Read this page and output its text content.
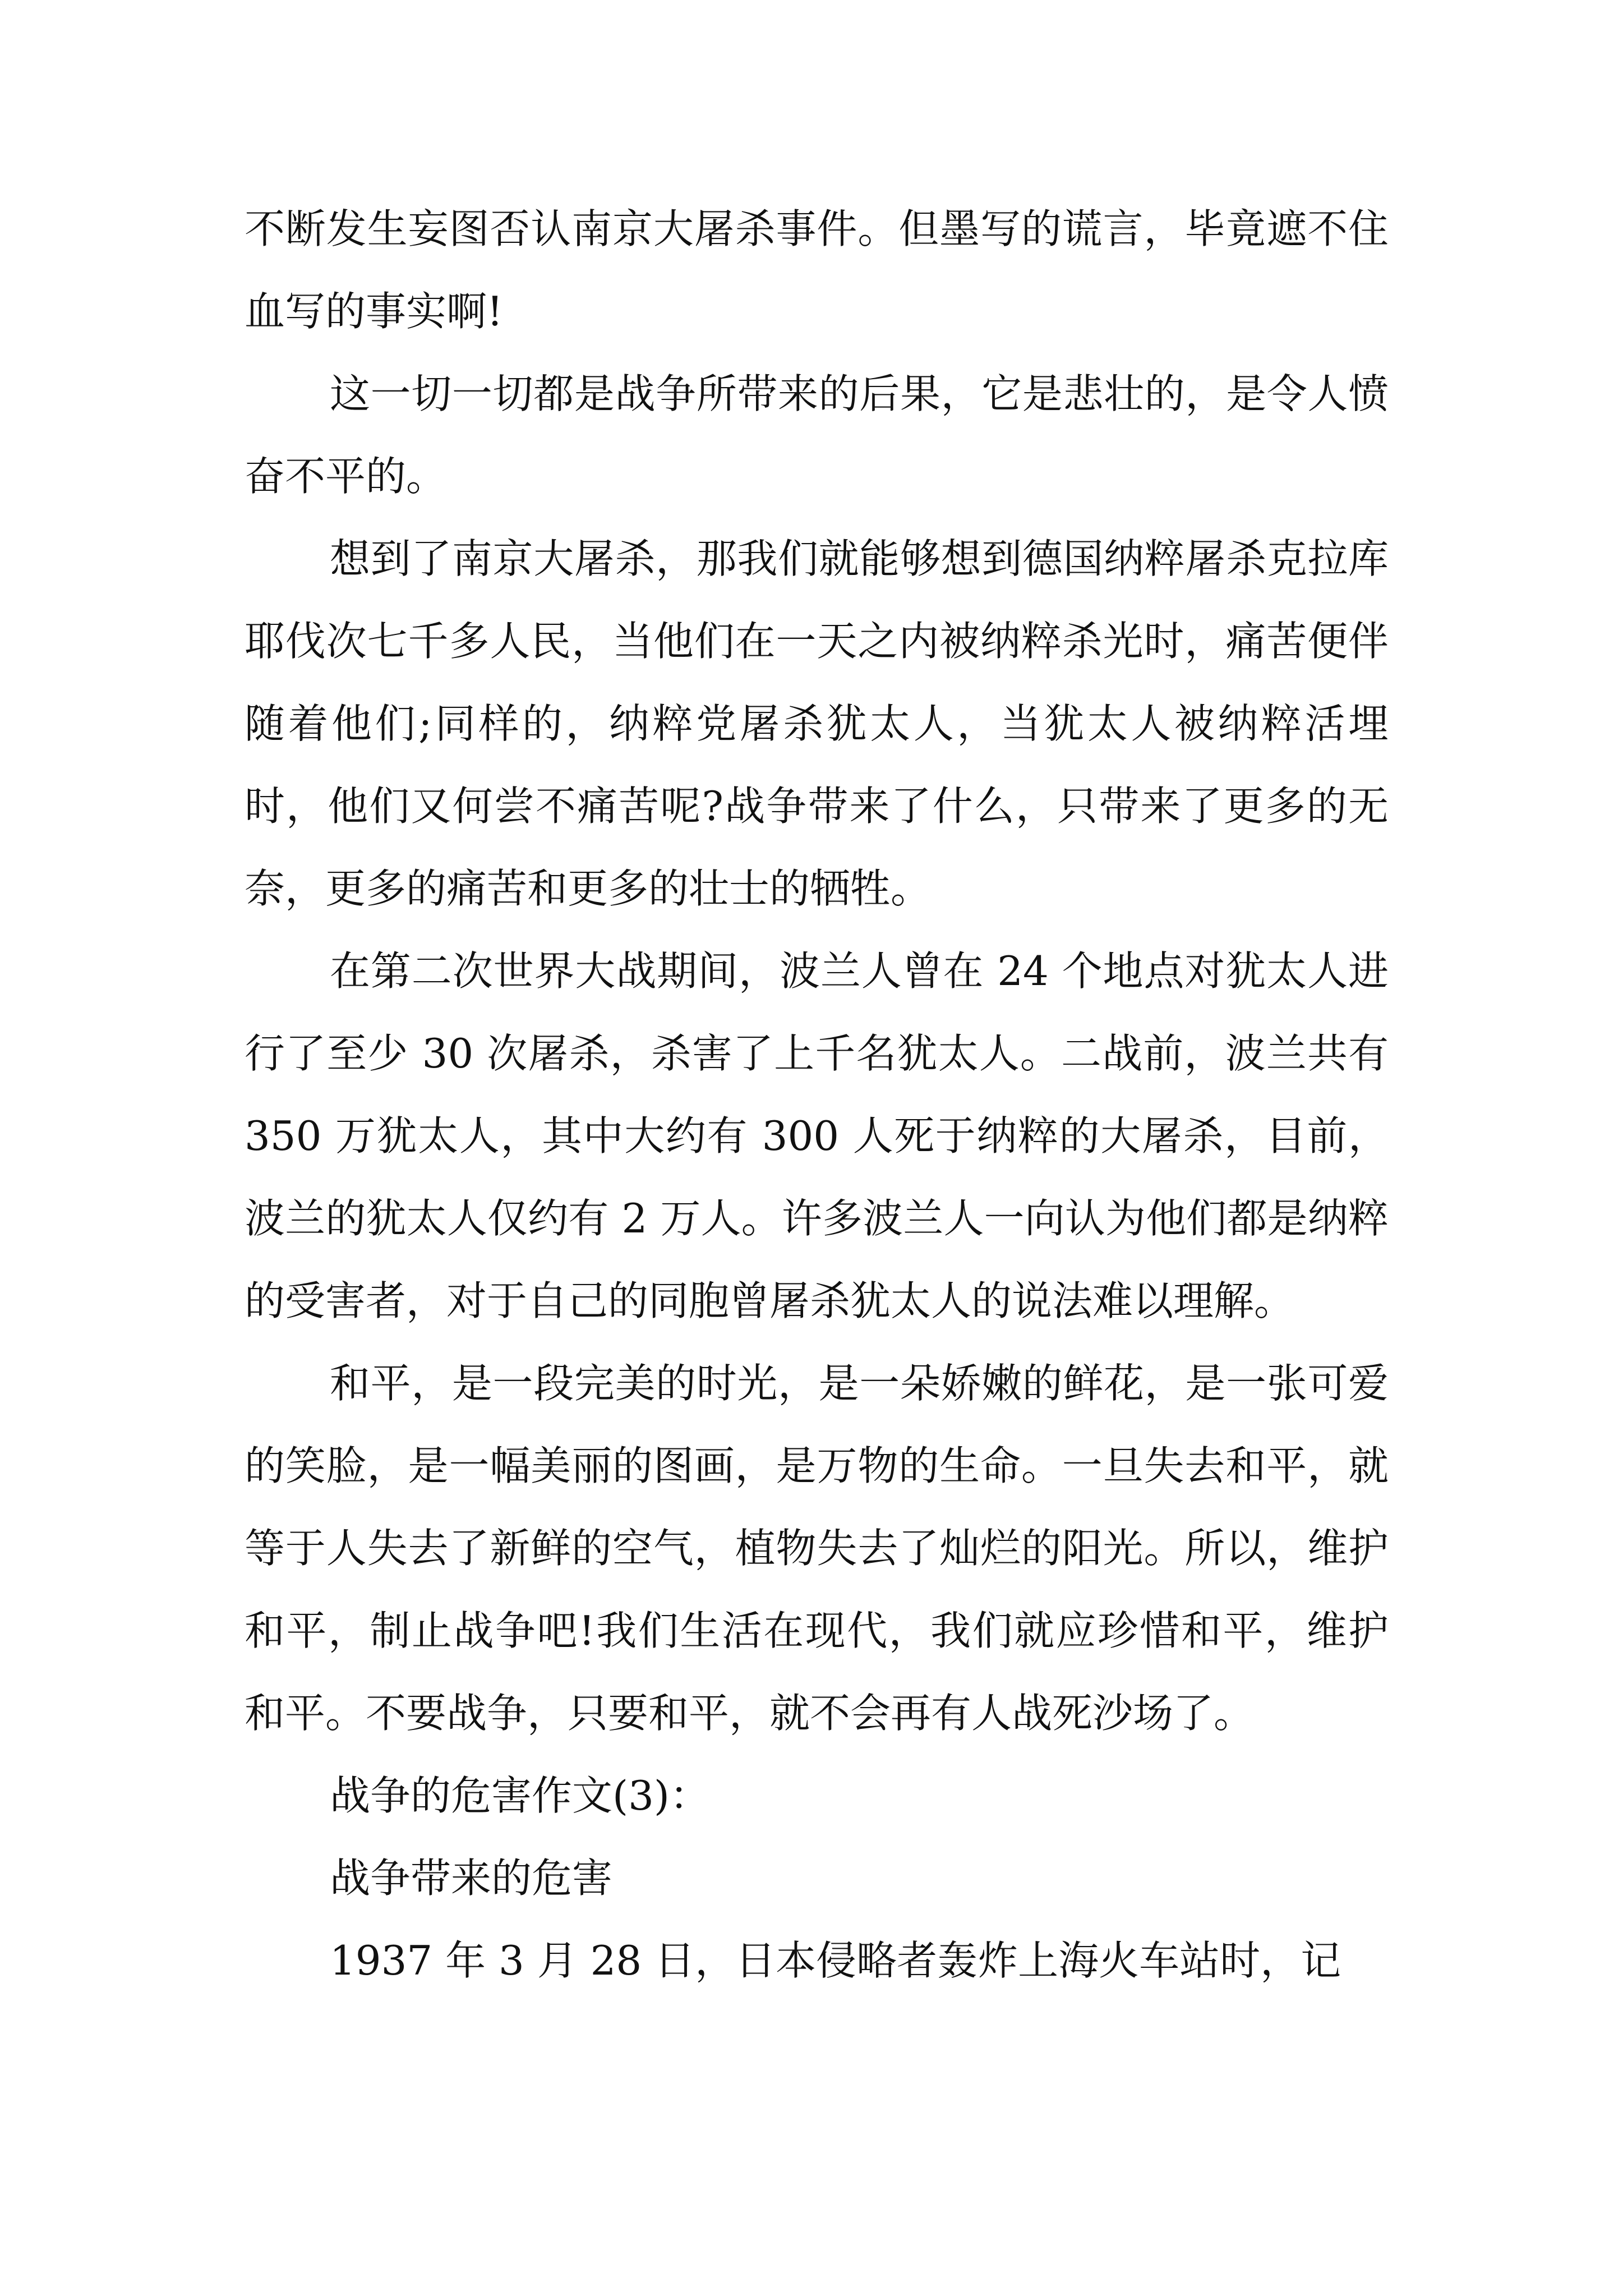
不断发生妄图否认南京大屠杀事件。但墨写的谎言，毕竟遮不住血写的事实啊!

这一切一切都是战争所带来的后果，它是悲壮的，是令人愤奋不平的。

想到了南京大屠杀，那我们就能够想到德国纳粹屠杀克拉库耶伐次七千多人民，当他们在一天之内被纳粹杀光时，痛苦便伴随着他们;同样的，纳粹党屠杀犹太人，当犹太人被纳粹活埋时，他们又何尝不痛苦呢?战争带来了什么，只带来了更多的无奈，更多的痛苦和更多的壮士的牺牲。

在第二次世界大战期间，波兰人曾在 24 个地点对犹太人进行了至少 30 次屠杀，杀害了上千名犹太人。二战前，波兰共有 350 万犹太人，其中大约有 300 人死于纳粹的大屠杀，目前，波兰的犹太人仅约有 2 万人。许多波兰人一向认为他们都是纳粹的受害者，对于自己的同胞曾屠杀犹太人的说法难以理解。

和平，是一段完美的时光，是一朵娇嫩的鲜花，是一张可爱的笑脸，是一幅美丽的图画，是万物的生命。一旦失去和平，就等于人失去了新鲜的空气，植物失去了灿烂的阳光。所以，维护和平，制止战争吧!我们生活在现代，我们就应珍惜和平，维护和平。不要战争，只要和平，就不会再有人战死沙场了。

战争的危害作文(3)：

战争带来的危害

1937 年 3 月 28 日，日本侵略者轰炸上海火车站时，记
